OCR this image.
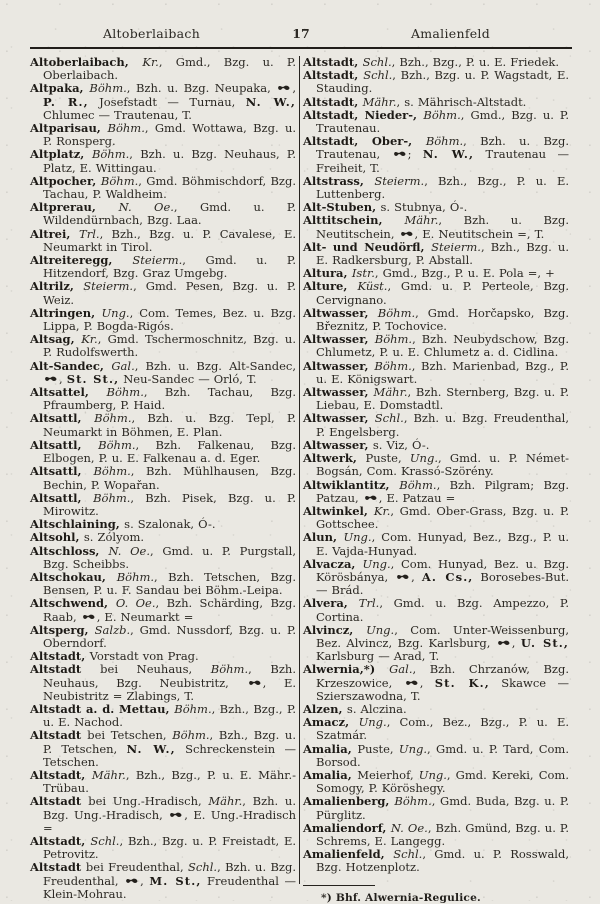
Altoberlaibach	17	Amalienfeld

Altoberlaibach, Kr., Gmd., Bzg. u. P. Oberlaibach.

Altpaka, Böhm., Bzh. u. Bzg. Neupaka, , P. R., Josefstadt — Turnau, N. W., Chlumec — Trautenau, T.

Altparisau, Böhm., Gmd. Wottawa, Bzg. u. P. Ronsperg.

Altplatz, Böhm., Bzh. u. Bzg. Neuhaus, P. Platz, E. Wittingau.

Altpocher, Böhm., Gmd. Böhmischdorf, Bzg. Tachau, P. Waldheim.

Altprerau, N. Oe., Gmd. u. P. Wildendürnbach, Bzg. Laa.

Altrei, Trl., Bzh., Bzg. u. P. Cavalese, E. Neumarkt in Tirol.

Altreiteregg, Steierm., Gmd. u. P. Hitzendorf, Bzg. Graz Umgebg.

Altrilz, Steierm., Gmd. Pesen, Bzg. u. P. Weiz.

Altringen, Ung., Com. Temes, Bez. u. Bzg. Lippa, P. Bogda-Rigós.

Altsag, Kr., Gmd. Tschermoschnitz, Bzg. u. P. Rudolfswerth.

Alt-Sandec, Gal., Bzh. u. Bzg. Alt-Sandec, , St. St., Neu-Sandec — Orló, T.

Altsattel, Böhm., Bzh. Tachau, Bzg. Pfraumberg, P. Haid.

Altsattl, Böhm., Bzh. u. Bzg. Tepl, P. Neumarkt in Böhmen, E. Plan.

Altsattl, Böhm., Bzh. Falkenau, Bzg. Elbogen, P. u. E. Falkenau a. d. Eger.

Altsattl, Böhm., Bzh. Mühlhausen, Bzg. Bechin, P. Wopařan.

Altsattl, Böhm., Bzh. Pisek, Bzg. u. P. Mirowitz.

Altschlaining, s. Szalonak, Ó-.

Altsohl, s. Zólyom.

Altschloss, N. Oe., Gmd. u. P. Purgstall, Bzg. Scheibbs.

Altschokau, Böhm., Bzh. Tetschen, Bzg. Bensen, P. u. F. Sandau bei Böhm.-Leipa.

Altschwend, O. Oe., Bzh. Schärding, Bzg. Raab, , E. Neumarkt =

Altsperg, Salzb., Gmd. Nussdorf, Bzg. u. P. Oberndorf.

Altstadt, Vorstadt von Prag.

Altstadt bei Neuhaus, Böhm., Bzh. Neuhaus, Bzg. Neubistritz, , E. Neubistritz = Zlabings, T.

Altstadt a. d. Mettau, Böhm., Bzh., Bzg., P. u. E. Nachod.

Altstadt bei Tetschen, Böhm., Bzh., Bzg. u. P. Tetschen, N. W., Schreckenstein — Tetschen.

Altstadt, Mähr., Bzh., Bzg., P. u. E. Mähr.-Trübau.

Altstadt bei Ung.-Hradisch, Mähr., Bzh. u. Bzg. Ung.-Hradisch, , E. Ung.-Hradisch =

Altstadt, Schl., Bzh., Bzg. u. P. Freistadt, E. Petrovitz.

Altstadt bei Freudenthal, Schl., Bzh. u. Bzg. Freudenthal, , M. St., Freudenthal — Klein-Mohrau.

Altstadt, Schl., Bzh., Bzg., P. u. E. Friedek.

Altstadt, Schl., Bzh., Bzg. u. P. Wagstadt, E. Stauding.

Altstadt, Mähr., s. Mährisch-Altstadt.

Altstadt, Nieder-, Böhm., Gmd., Bzg. u. P. Trautenau.

Altstadt, Ober-, Böhm., Bzh. u. Bzg. Trautenau, ; N. W., Trautenau — Freiheit, T.

Altstrass, Steierm., Bzh., Bzg., P. u. E. Luttenberg.

Alt-Stuben, s. Stubnya, Ó-.

Alttitschein, Mähr., Bzh. u. Bzg. Neutitschein, , E. Neutitschein =, T.

Alt- und Neudörfl, Steierm., Bzh., Bzg. u. E. Radkersburg, P. Abstall.

Altura, Istr., Gmd., Bzg., P. u. E. Pola =, +

Alture, Küst., Gmd. u. P. Perteole, Bzg. Cervignano.

Altwasser, Böhm., Gmd. Horčapsko, Bzg. Březnitz, P. Tochovice.

Altwasser, Böhm., Bzh. Neubydschow, Bzg. Chlumetz, P. u. E. Chlumetz a. d. Cidlina.

Altwasser, Böhm., Bzh. Marienbad, Bzg., P. u. E. Königswart.

Altwasser, Mähr., Bzh. Sternberg, Bzg. u. P. Liebau, E. Domstadtl.

Altwasser, Schl., Bzh. u. Bzg. Freudenthal, P. Engelsberg.

Altwasser, s. Viz, Ó-.

Altwerk, Puste, Ung., Gmd. u. P. Német-Bogsán, Com. Krassó-Szörény.

Altwiklantitz, Böhm., Bzh. Pilgram; Bzg. Patzau, , E. Patzau =

Altwinkel, Kr., Gmd. Ober-Grass, Bzg. u. P. Gottschee.

Alun, Ung., Com. Hunyad, Bez., Bzg., P. u. E. Vajda-Hunyad.

Alvacza, Ung., Com. Hunyad, Bez. u. Bzg. Körösbánya, , A. Cs., Borosebes-But. — Brád.

Alvera, Trl., Gmd. u. Bzg. Ampezzo, P. Cortina.

Alvincz, Ung., Com. Unter-Weissenburg, Bez. Alvincz, Bzg. Karlsburg, , U. St., Karlsburg — Arad, T.

Alwernia,*) Gal., Bzh. Chrzanów, Bzg. Krzeszowice, , St. K., Skawce — Szierszawodna, T.

Alzen, s. Alczina.

Amacz, Ung., Com., Bez., Bzg., P. u. E. Szatmár.

Amalia, Puste, Ung., Gmd. u. P. Tard, Com. Borsod.

Amalia, Meierhof, Ung., Gmd. Kereki, Com. Somogy, P. Köröshegy.

Amalienberg, Böhm., Gmd. Buda, Bzg. u. P. Pürglitz.

Amaliendorf, N. Oe., Bzh. Gmünd, Bzg. u. P. Schrems, E. Langegg.

Amalienfeld, Schl., Gmd. u. P. Rosswald, Bzg. Hotzenplotz.

*) Bhf. Alwernia-Regulice.
